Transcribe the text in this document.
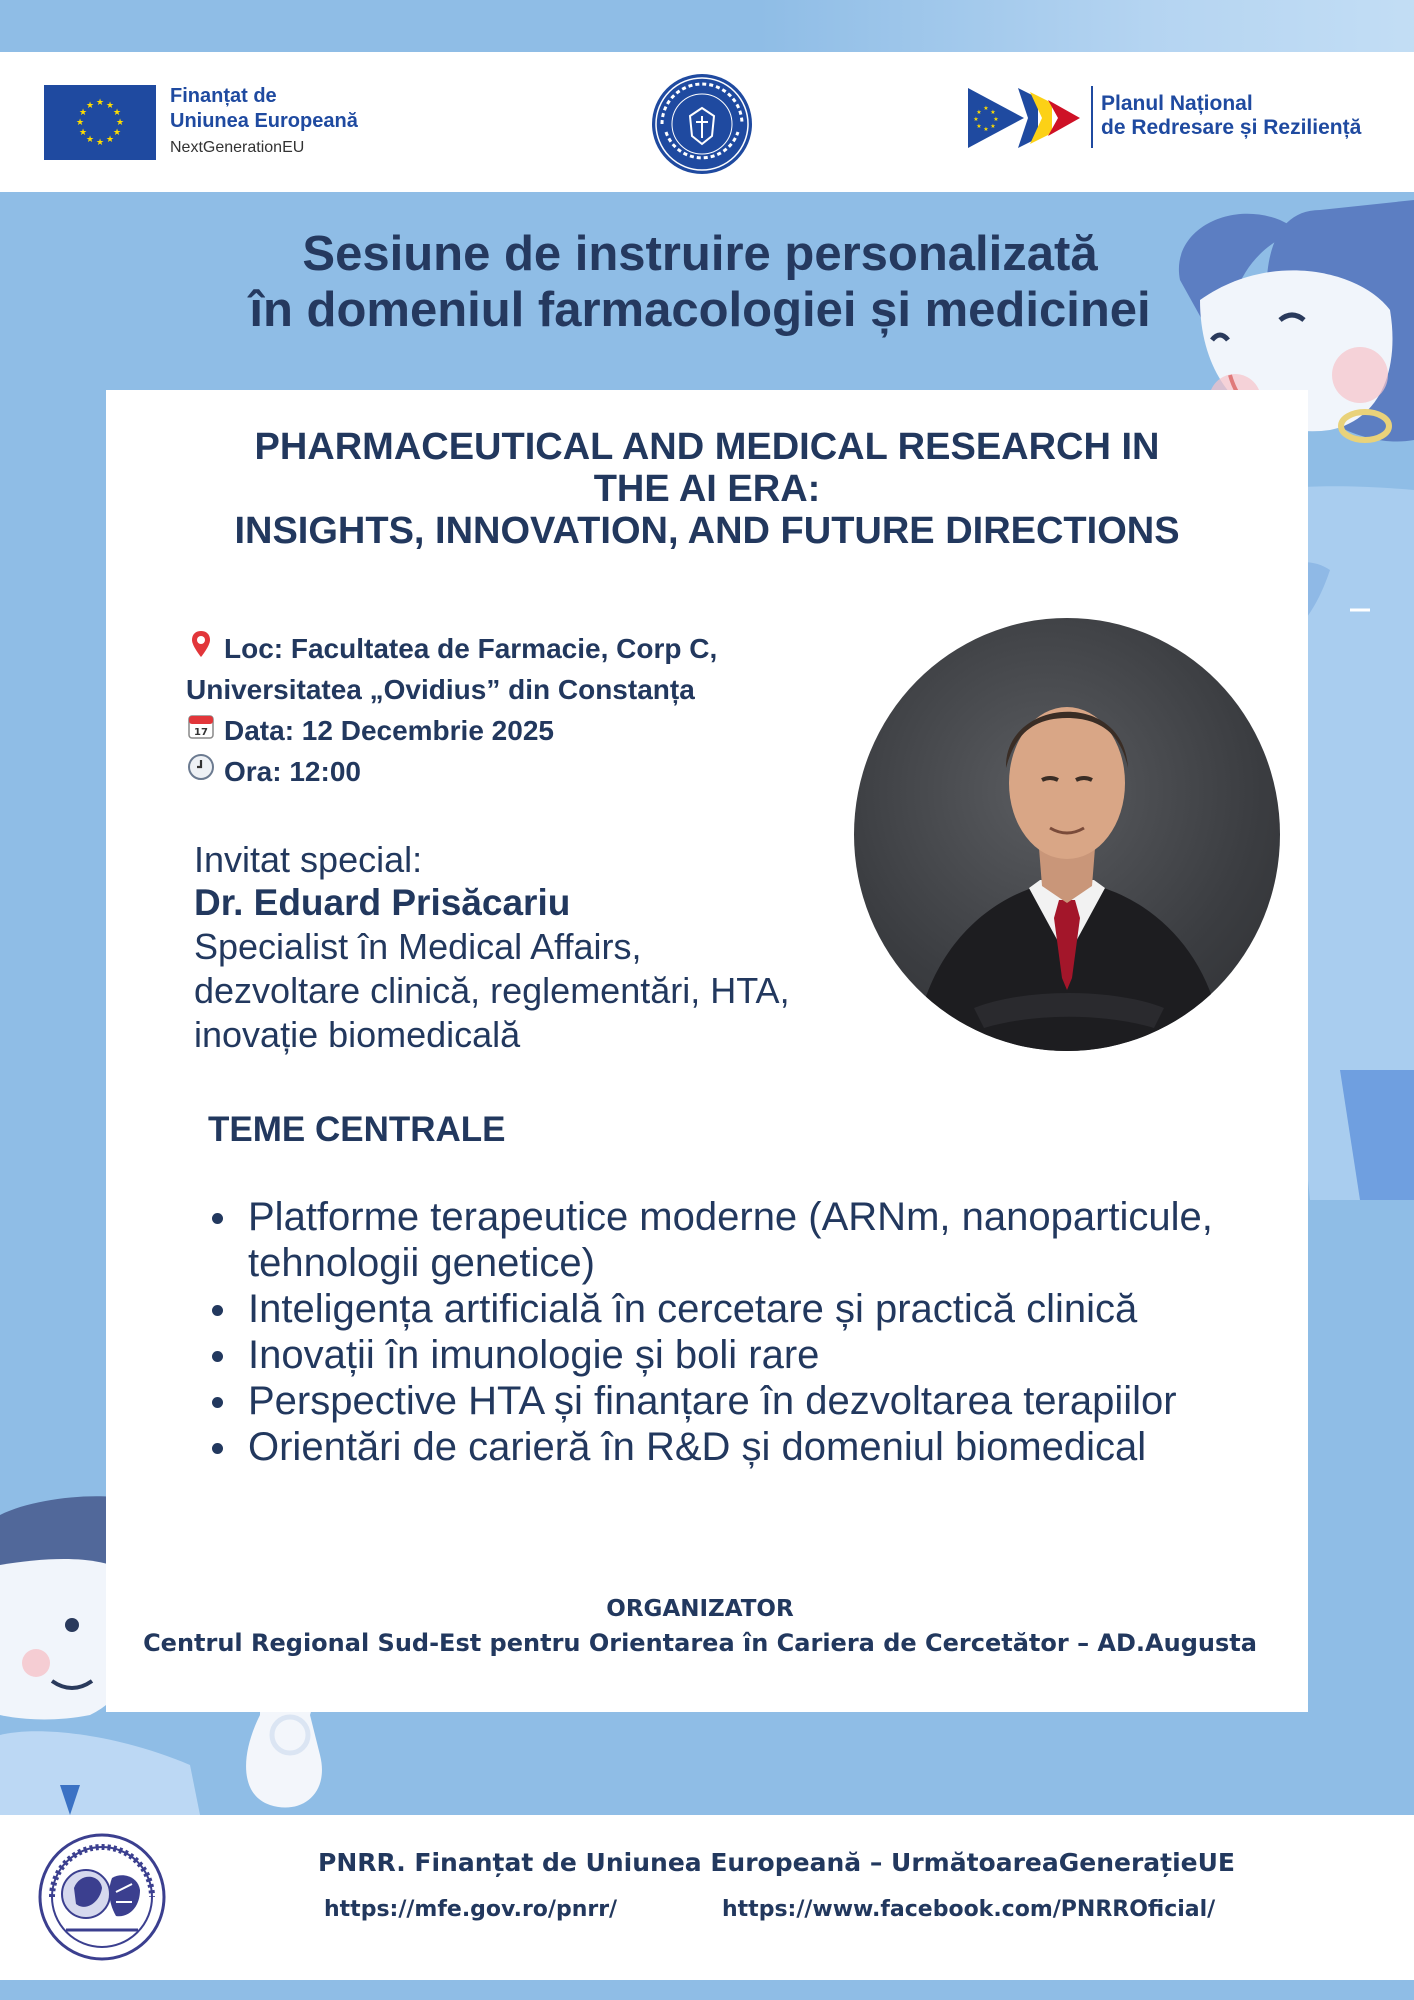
★ ★
★
★
★
★
★
★
★
★
★
★	Finanțat de
Uniunea Europeană
NextGenerationEU
★
★
★
★
★
★
★
★	Planul Național
de Redresare și Reziliență
Sesiune de instruire personalizată
în domeniul farmacologiei și medicinei
PHARMACEUTICAL AND MEDICAL RESEARCH IN
THE AI ERA:
INSIGHTS, INNOVATION, AND FUTURE DIRECTIONS
Loc: Facultatea de Farmacie, Corp C,
Universitatea „Ovidius” din Constanța
17 Data: 12 Decembrie 2025
Ora: 12:00
Invitat special:
Dr. Eduard Prisăcariu
Specialist în Medical Affairs,
dezvoltare clinică, reglementări, HTA,
inovație biomedicală
TEME CENTRALE
Platforme terapeutice moderne (ARNm, nanoparticule, tehnologii genetice)
Inteligența artificială în cercetare și practică clinică
Inovații în imunologie și boli rare
Perspective HTA și finanțare în dezvoltarea terapiilor
Orientări de carieră în R&D și domeniul biomedical
ORGANIZATOR
Centrul Regional Sud-Est pentru Orientarea în Cariera de Cercetător – AD.Augusta
PNRR. Finanțat de Uniunea Europeană – UrmătoareaGenerațieUE
https://mfe.gov.ro/pnrr/	https://www.facebook.com/PNRROficial/
